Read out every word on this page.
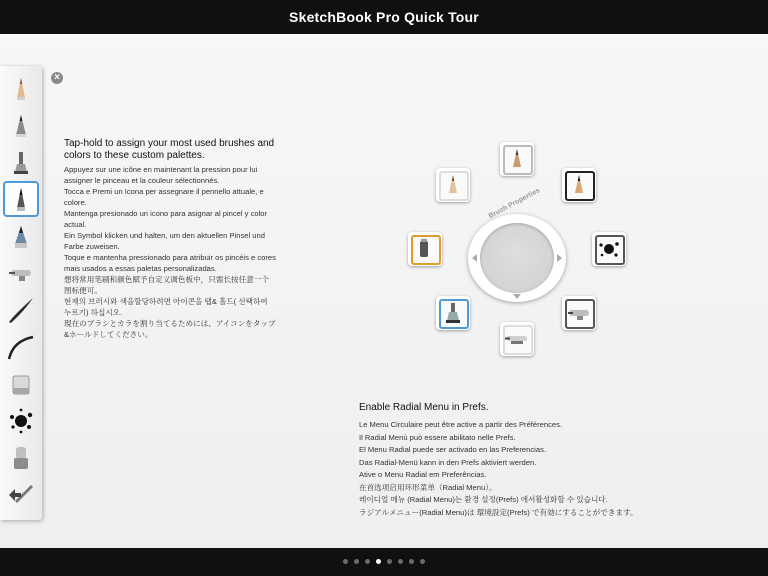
SketchBook Pro Quick Tour
×
Tap-hold to assign your most used brushes and colors to these custom palettes.

Appuyez sur une icône en maintenant la pression pour lui assigner le pinceau et la couleur sélectionnés.

Tocca e Premi un Icona per assegnare il pennello attuale, e colore.

Mantenga presionado un icono para asignar al pincel y color actual.

Ein Symbol klicken und halten, um den aktuellen Pinsel und Farbe zuweisen.

Toque e mantenha pressionado para atribuir os pincéis e cores mais usados a essas paletas personalizadas.

想将常用笔刷和颜色赋予自定义调色板中，只需长按任意一个图标便可。

현재의 브러시와 색을할당하려면 아이콘을 탭& 홀드( 선택하여 누르기) 하십시오.

現在のブラシとカラを割り当てるためには、アイコンをタップ&ホールドしてください。

Brush Properties
Enable Radial Menu in Prefs.

Le Menu Circulaire peut être active a partir des Préférences.

Il Radial Menù può essere abilitato nelle Prefs.

El Menu Radial puede ser activado en las Preferencias.

Das Radial-Menü kann in den Prefs aktiviert werden.

Ative o Menu Radial em Preferências.

在首选项启用环形菜单（Radial Menu）。

레이디얼 메뉴 (Radial Menu)는 환경 설정(Prefs) 에서활성화할 수 있습니다.

ラジアルメニュー(Radial Menu)は 環境設定(Prefs) で有効にすることができます。
